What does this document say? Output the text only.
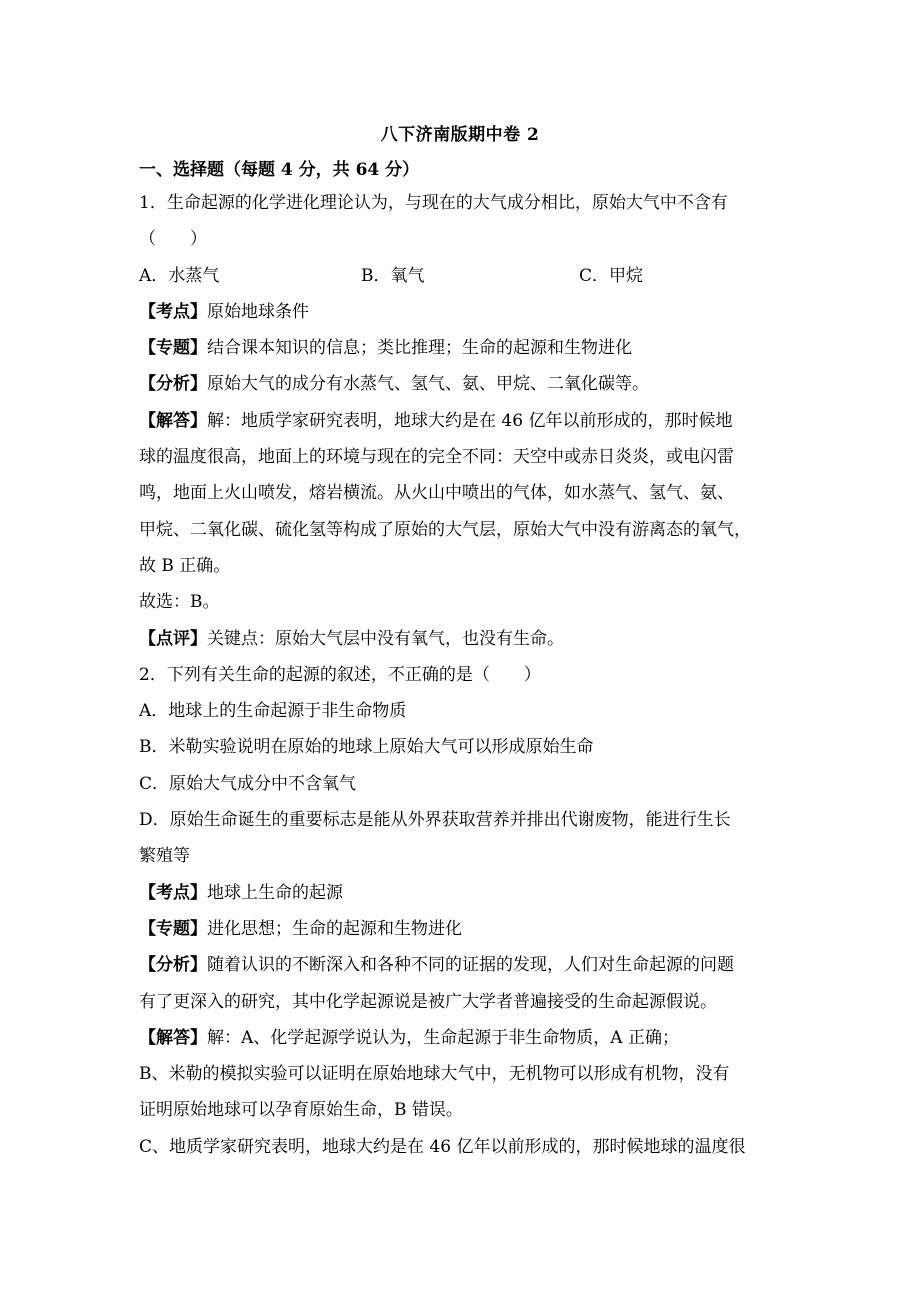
八下济南版期中卷 2
一、选择题（每题 4 分，共 64 分）

1．生命起源的化学进化理论认为，与现在的大气成分相比，原始大气中不含有

（　　）

A．水蒸气	B．氧气	C．甲烷

【考点】原始地球条件

【专题】结合课本知识的信息；类比推理；生命的起源和生物进化

【分析】原始大气的成分有水蒸气、氢气、氨、甲烷、二氧化碳等。

【解答】解：地质学家研究表明，地球大约是在 46 亿年以前形成的，那时候地

球的温度很高，地面上的环境与现在的完全不同：天空中或赤日炎炎，或电闪雷

鸣，地面上火山喷发，熔岩横流。从火山中喷出的气体，如水蒸气、氢气、氨、

甲烷、二氧化碳、硫化氢等构成了原始的大气层，原始大气中没有游离态的氧气，

故 B 正确。

故选：B。

【点评】关键点：原始大气层中没有氧气，也没有生命。

2．下列有关生命的起源的叙述，不正确的是（　　）

A．地球上的生命起源于非生命物质

B．米勒实验说明在原始的地球上原始大气可以形成原始生命

C．原始大气成分中不含氧气

D．原始生命诞生的重要标志是能从外界获取营养并排出代谢废物，能进行生长

繁殖等

【考点】地球上生命的起源

【专题】进化思想；生命的起源和生物进化

【分析】随着认识的不断深入和各种不同的证据的发现，人们对生命起源的问题

有了更深入的研究，其中化学起源说是被广大学者普遍接受的生命起源假说。

【解答】解：A、化学起源学说认为，生命起源于非生命物质，A 正确；

B、米勒的模拟实验可以证明在原始地球大气中，无机物可以形成有机物，没有

证明原始地球可以孕育原始生命，B 错误。

C、地质学家研究表明，地球大约是在 46 亿年以前形成的，那时候地球的温度很
